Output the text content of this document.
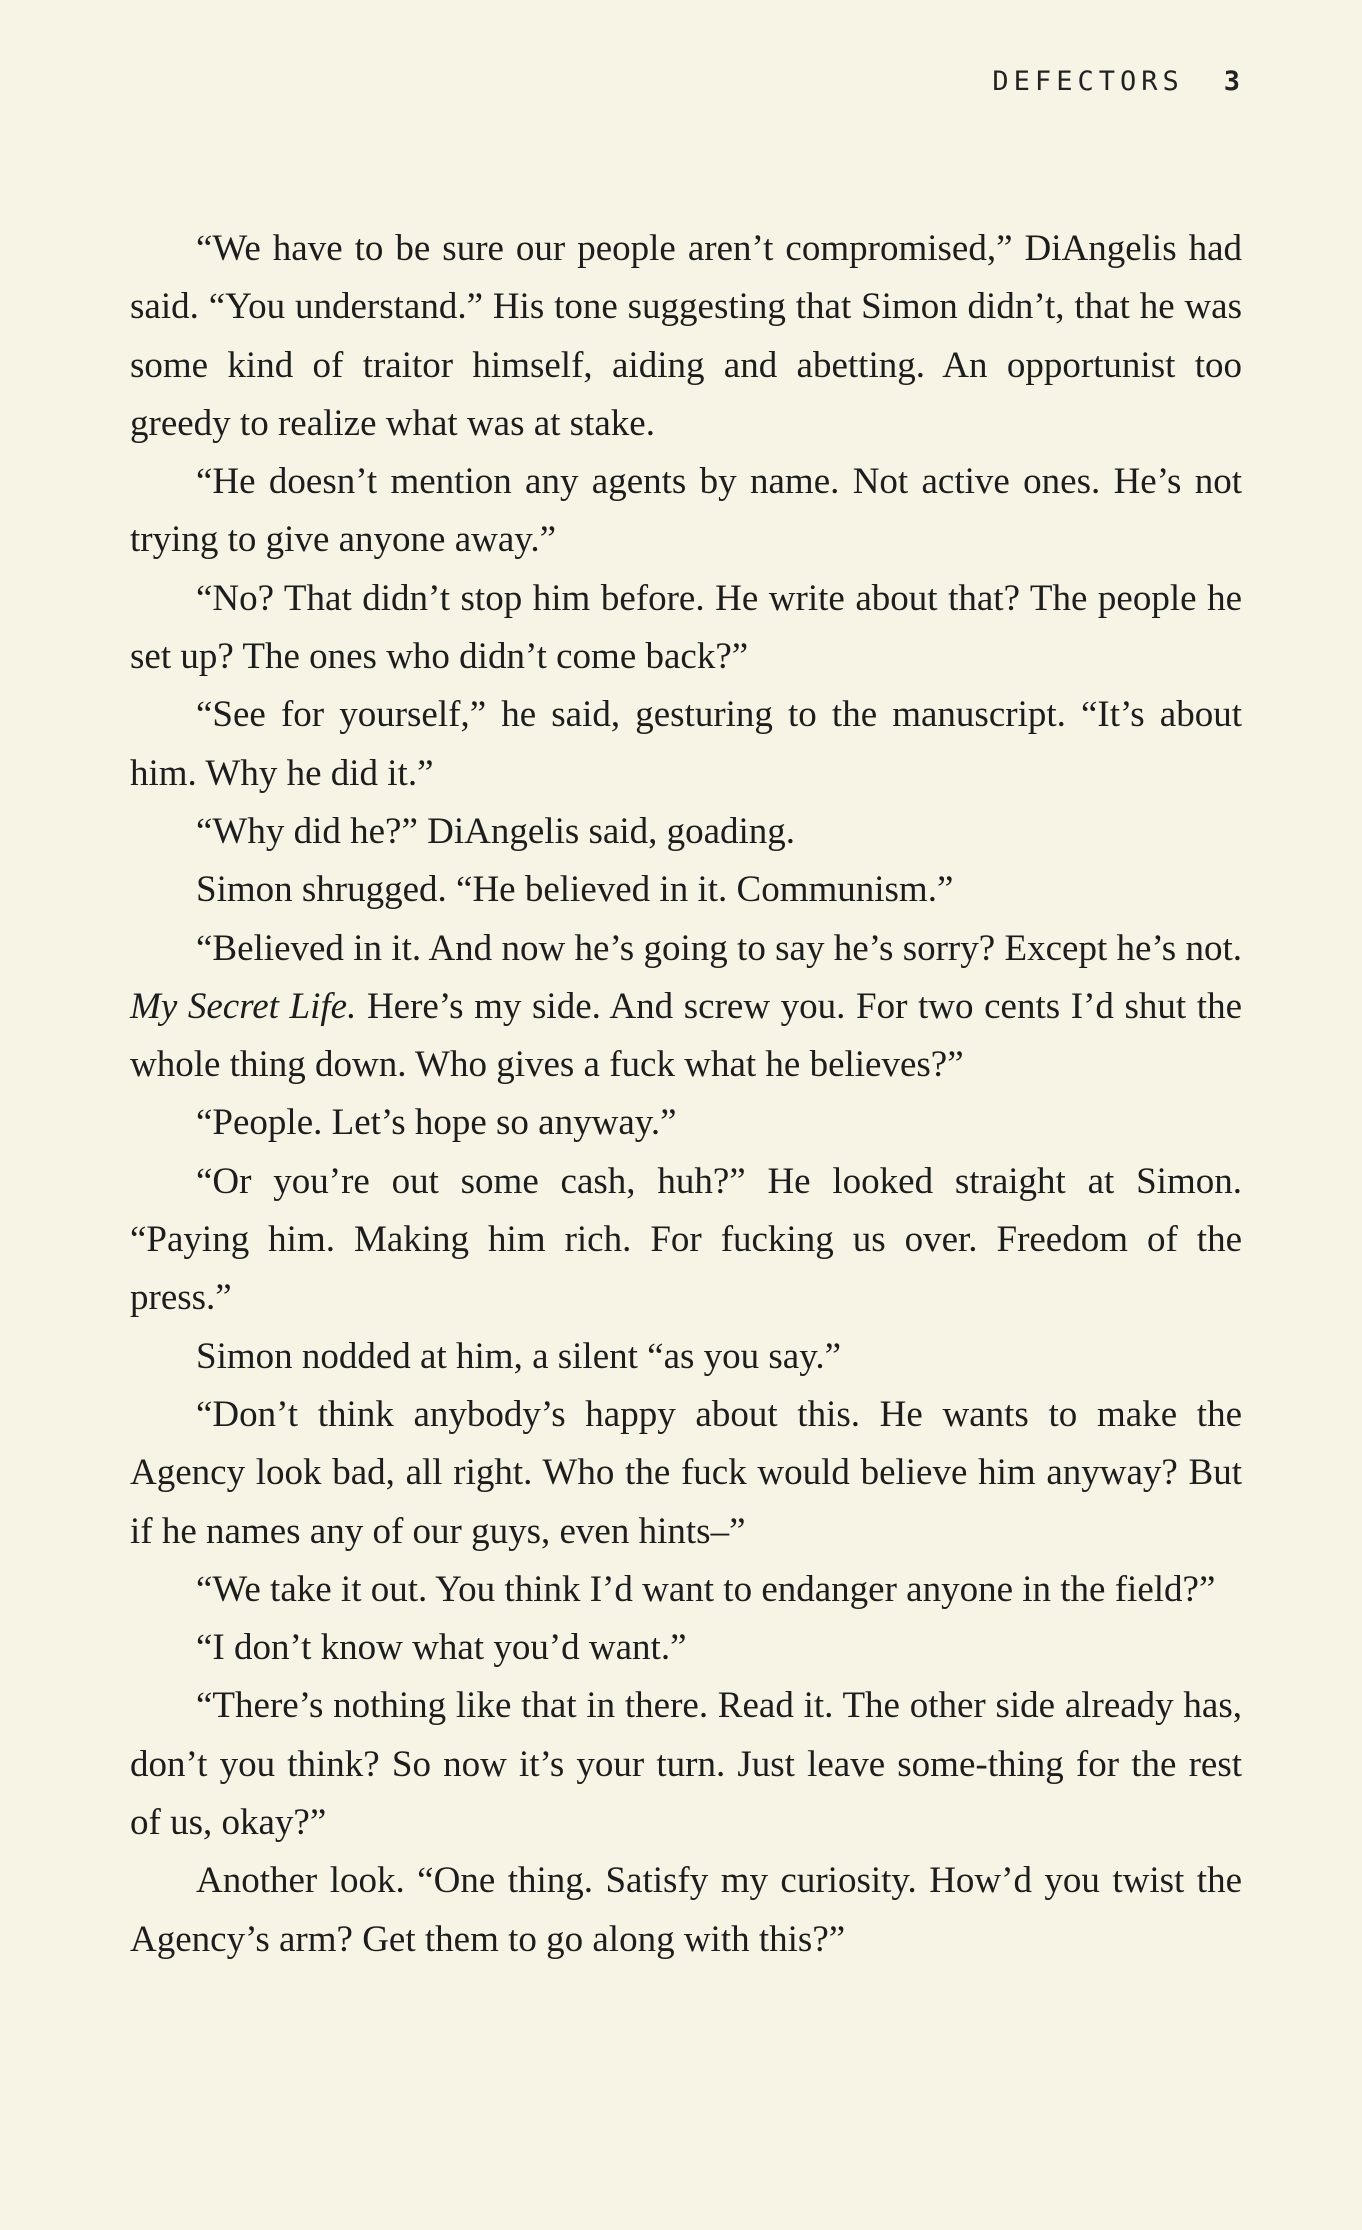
DEFECTORS 3

“We have to be sure our people aren’t compromised,” DiAngelis had said. “You understand.” His tone suggesting that Simon didn’t, that he was some kind of traitor himself, aiding and abetting. An opportunist too greedy to realize what was at stake.

“He doesn’t mention any agents by name. Not active ones. He’s not trying to give anyone away.”

“No? That didn’t stop him before. He write about that? The people he set up? The ones who didn’t come back?”

“See for yourself,” he said, gesturing to the manuscript. “It’s about him. Why he did it.”

“Why did he?” DiAngelis said, goading.

Simon shrugged. “He believed in it. Communism.”

“Believed in it. And now he’s going to say he’s sorry? Except he’s not. My Secret Life. Here’s my side. And screw you. For two cents I’d shut the whole thing down. Who gives a fuck what he believes?”

“People. Let’s hope so anyway.”

“Or you’re out some cash, huh?” He looked straight at Simon. “Paying him. Making him rich. For fucking us over. Freedom of the press.”

Simon nodded at him, a silent “as you say.”

“Don’t think anybody’s happy about this. He wants to make the Agency look bad, all right. Who the fuck would believe him anyway? But if he names any of our guys, even hints–”

“We take it out. You think I’d want to endanger anyone in the field?”

“I don’t know what you’d want.”

“There’s nothing like that in there. Read it. The other side already has, don’t you think? So now it’s your turn. Just leave some-thing for the rest of us, okay?”

Another look. “One thing. Satisfy my curiosity. How’d you twist the Agency’s arm? Get them to go along with this?”
